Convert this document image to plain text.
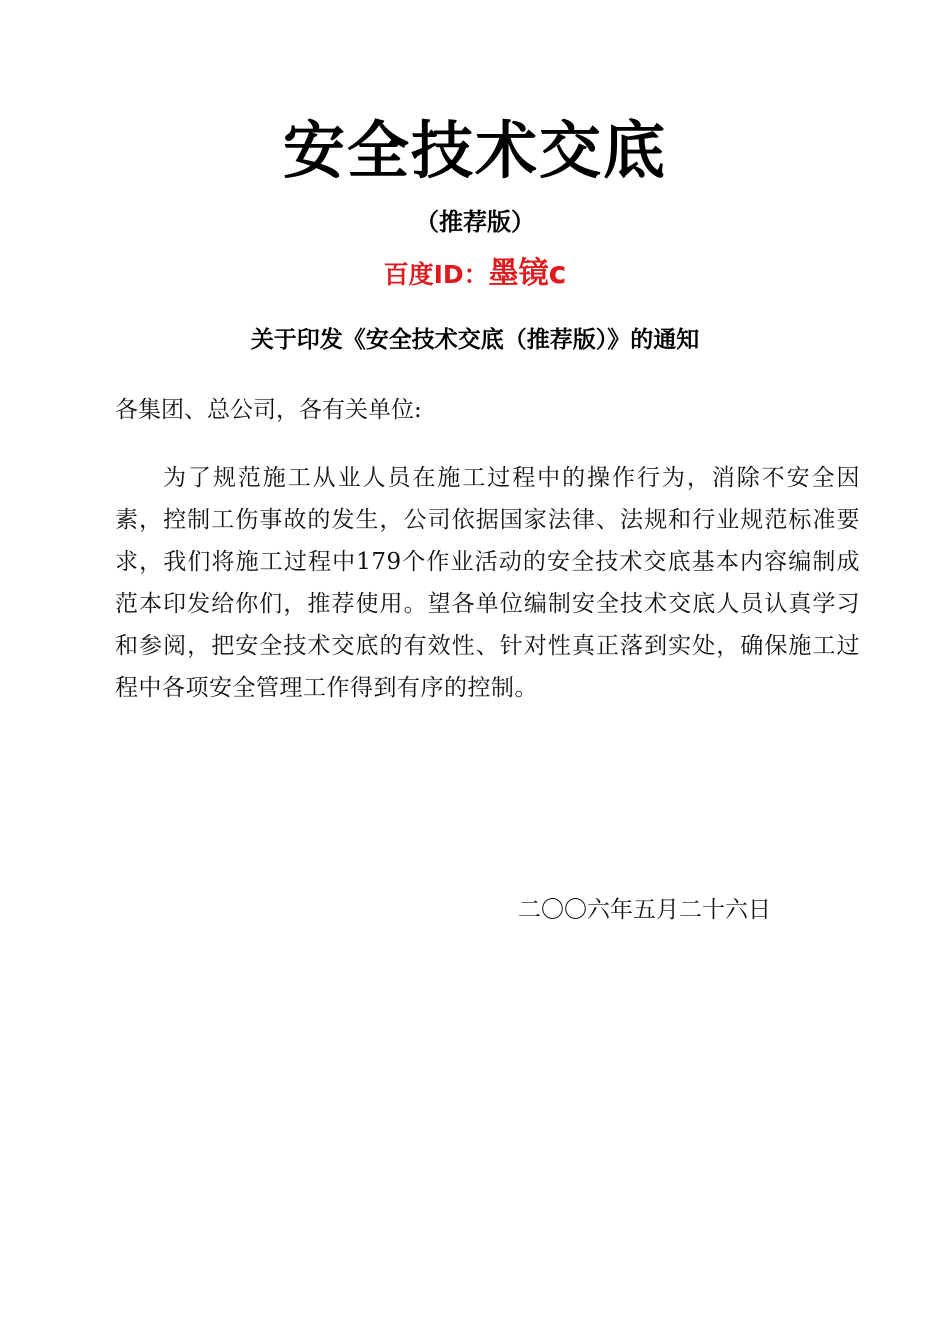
安全技术交底
（推荐版）
百度ID：墨镜c
关于印发《安全技术交底（推荐版）》的通知
各集团、总公司，各有关单位:
为了规范施工从业人员在施工过程中的操作行为，消除不安全因素，控制工伤事故的发生，公司依据国家法律、法规和行业规范标准要求，我们将施工过程中179个作业活动的安全技术交底基本内容编制成范本印发给你们，推荐使用。望各单位编制安全技术交底人员认真学习和参阅，把安全技术交底的有效性、针对性真正落到实处，确保施工过程中各项安全管理工作得到有序的控制。
二〇〇六年五月二十六日
